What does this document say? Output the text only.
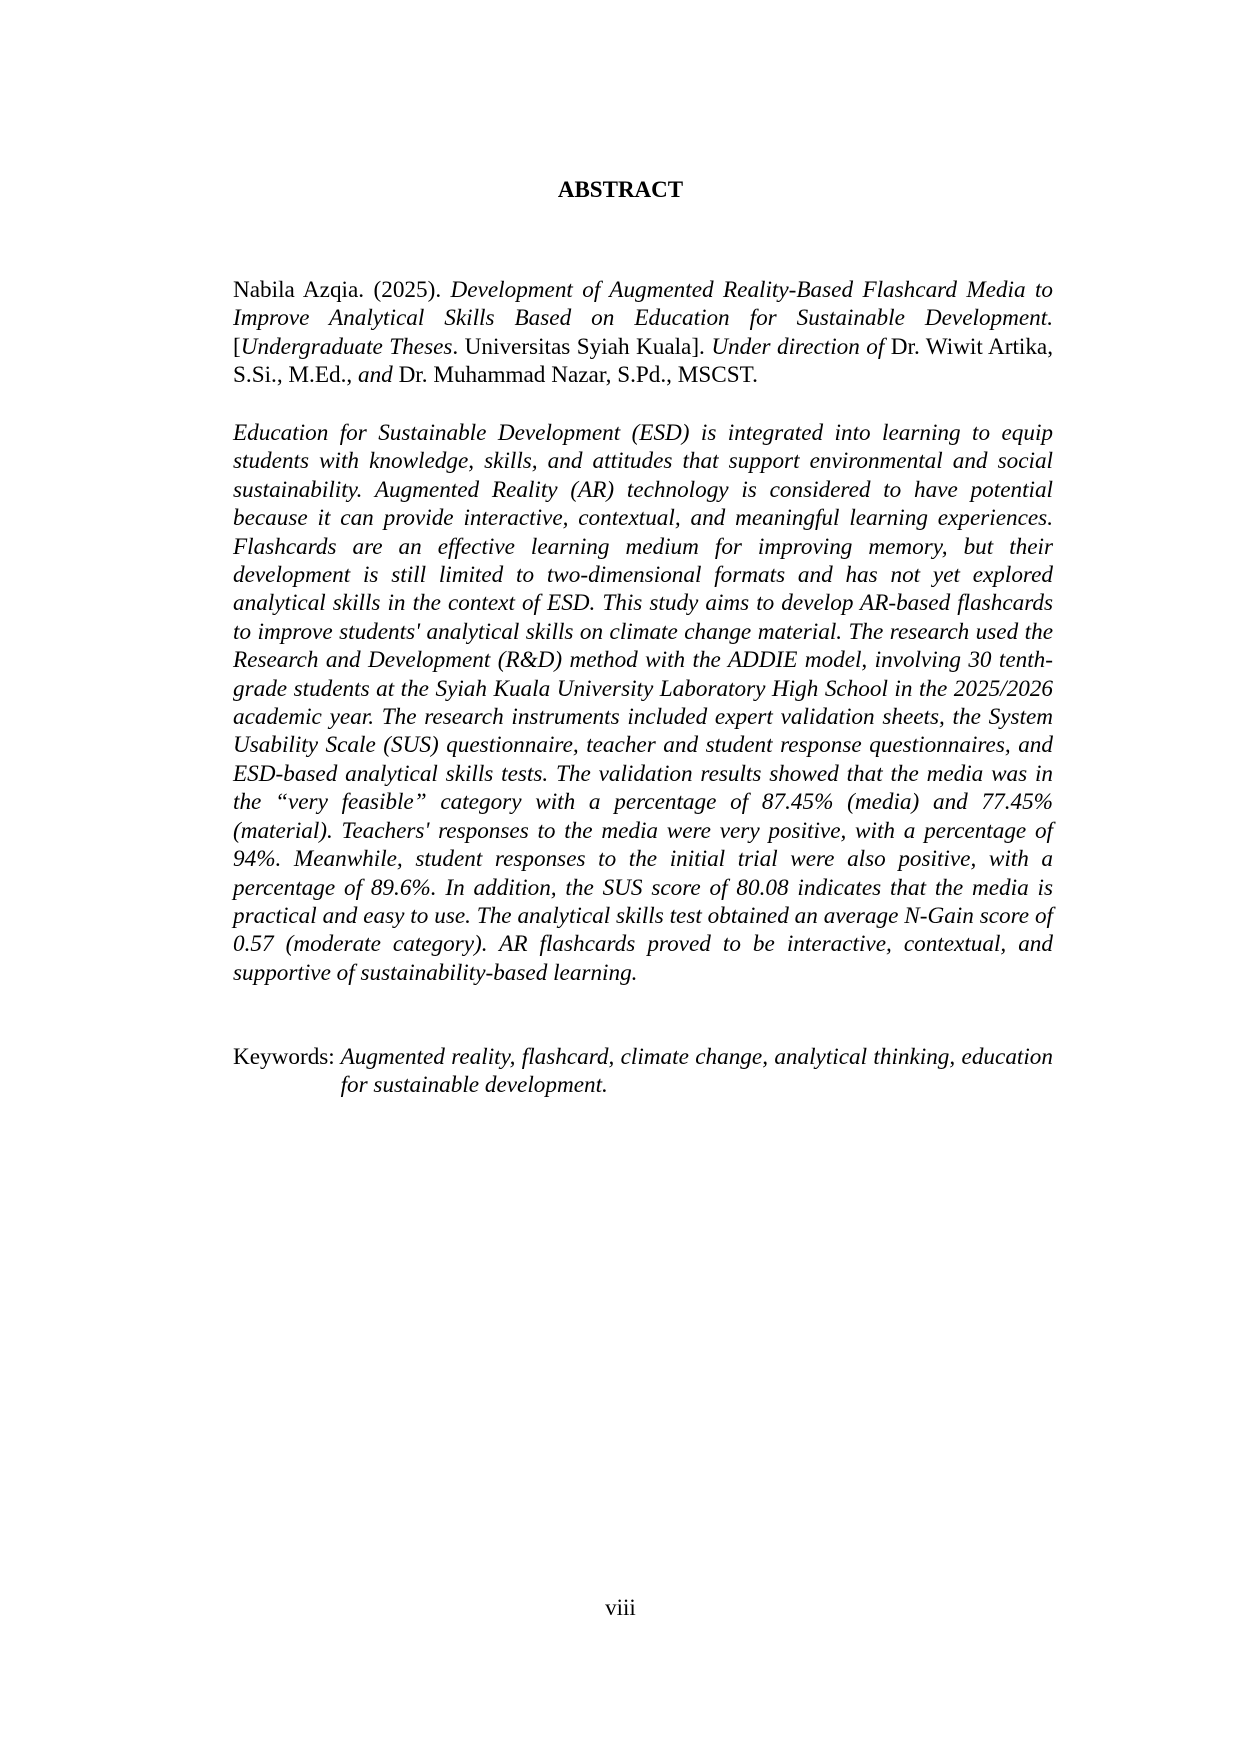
ABSTRACT
Nabila Azqia. (2025). Development of Augmented Reality-Based Flashcard Media to Improve Analytical Skills Based on Education for Sustainable Development. [Undergraduate Theses. Universitas Syiah Kuala]. Under direction of Dr. Wiwit Artika, S.Si., M.Ed., and Dr. Muhammad Nazar, S.Pd., MSCST.
Education for Sustainable Development (ESD) is integrated into learning to equip students with knowledge, skills, and attitudes that support environmental and social sustainability. Augmented Reality (AR) technology is considered to have potential because it can provide interactive, contextual, and meaningful learning experiences. Flashcards are an effective learning medium for improving memory, but their development is still limited to two-dimensional formats and has not yet explored analytical skills in the context of ESD. This study aims to develop AR-based flashcards to improve students' analytical skills on climate change material. The research used the Research and Development (R&D) method with the ADDIE model, involving 30 tenth-grade students at the Syiah Kuala University Laboratory High School in the 2025/2026 academic year. The research instruments included expert validation sheets, the System Usability Scale (SUS) questionnaire, teacher and student response questionnaires, and ESD-based analytical skills tests. The validation results showed that the media was in the “very feasible” category with a percentage of 87.45% (media) and 77.45% (material). Teachers' responses to the media were very positive, with a percentage of 94%. Meanwhile, student responses to the initial trial were also positive, with a percentage of 89.6%. In addition, the SUS score of 80.08 indicates that the media is practical and easy to use. The analytical skills test obtained an average N-Gain score of 0.57 (moderate category). AR flashcards proved to be interactive, contextual, and supportive of sustainability-based learning.
Keywords: Augmented reality, flashcard, climate change, analytical thinking, education for sustainable development.
viii
